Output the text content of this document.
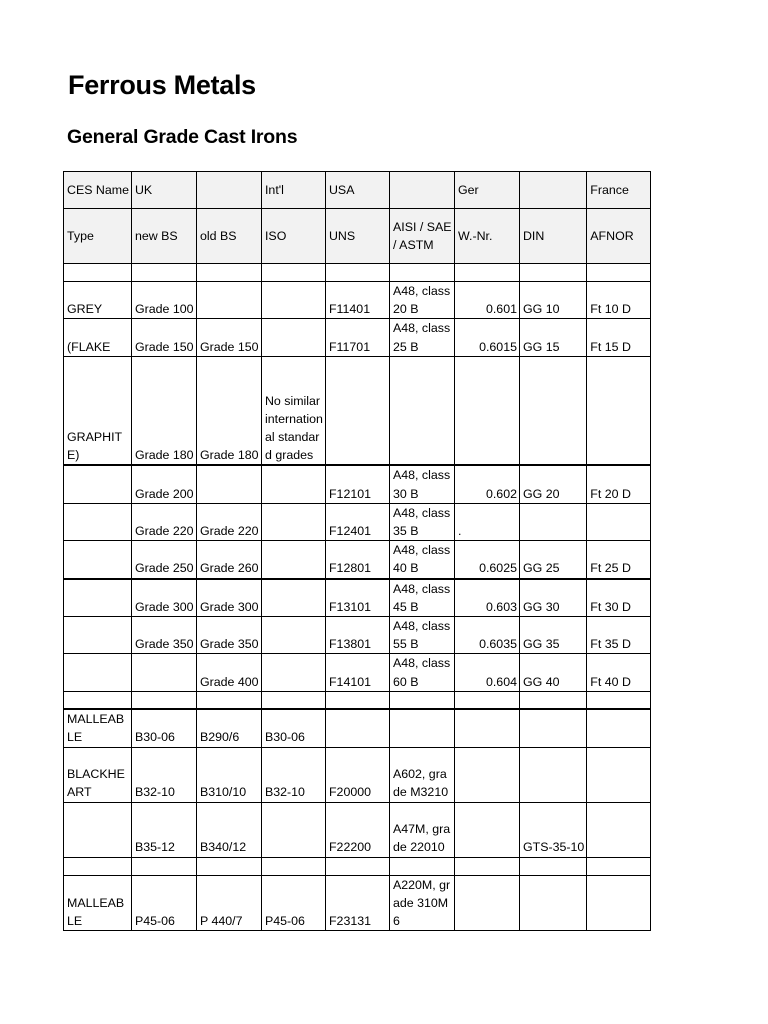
Ferrous Metals
General Grade Cast Irons
CES Name	UK		Int'l	USA		Ger		France
Type	new BS	old BS	ISO	UNS	AISI / SAE / ASTM	W.-Nr.	DIN	AFNOR

GREY	Grade 100			F11401	A48, class 20 B	0.601	GG 10	Ft 10 D
(FLAKE	Grade 150	Grade 150		F11701	A48, class 25 B	0.6015	GG 15	Ft 15 D
GRAPHITE)	Grade 180	Grade 180	No similar international standard grades					
	Grade 200			F12101	A48, class 30 B	0.602	GG 20	Ft 20 D
	Grade 220	Grade 220		F12401	A48, class 35 B	.		
	Grade 250	Grade 260		F12801	A48, class 40 B	0.6025	GG 25	Ft 25 D
	Grade 300	Grade 300		F13101	A48, class 45 B	0.603	GG 30	Ft 30 D
	Grade 350	Grade 350		F13801	A48, class 55 B	0.6035	GG 35	Ft 35 D
		Grade 400		F14101	A48, class 60 B	0.604	GG 40	Ft 40 D

MALLEABLE	B30-06	B290/6	B30-06					
BLACKHEART	B32-10	B310/10	B32-10	F20000	A602, grade M3210			
	B35-12	B340/12		F22200	A47M, grade 22010		GTS-35-10	

MALLEABLE	P45-06	P 440/7	P45-06	F23131	A220M, grade 310M6			
